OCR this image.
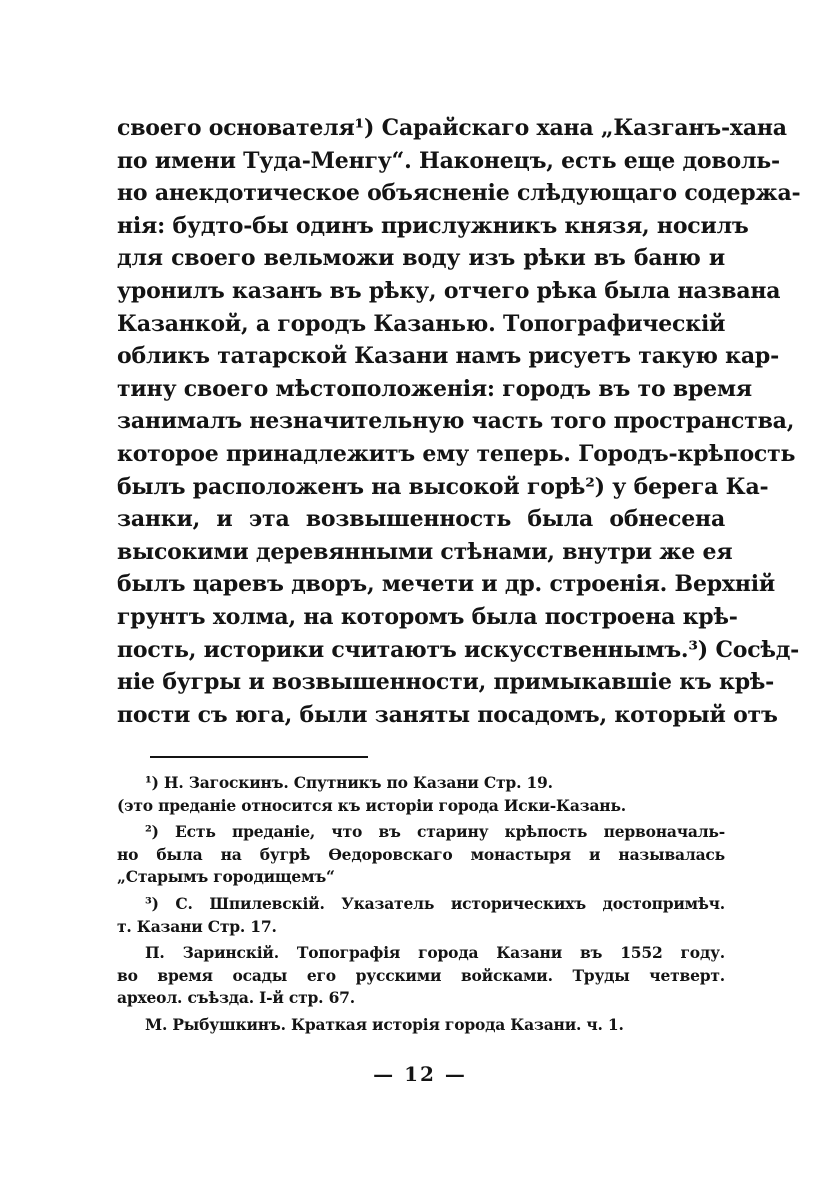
своего основателя¹) Сарайскаго хана „Казганъ-хана
по имени Туда-Менгу“. Наконецъ, есть еще доволь-
но анекдотическое объясненіе слѣдующаго содержа-
нія: будто-бы одинъ прислужникъ князя, носилъ
для своего вельможи воду изъ рѣки въ баню и
уронилъ казанъ въ рѣку, отчего рѣка была названа
Казанкой, а городъ Казанью. Топографическій
обликъ татарской Казани намъ рисуетъ такую кар-
тину своего мѣстоположенія: городъ въ то время
занималъ незначительную часть того пространства,
которое принадлежитъ ему теперь. Городъ-крѣпость
былъ расположенъ на высокой горѣ²) у берега Ка-
занки, и эта возвышенность была обнесена
высокими деревянными стѣнами, внутри же ея
былъ царевъ дворъ, мечети и др. строенія. Верхній
грунтъ холма, на которомъ была построена крѣ-
пость, историки считаютъ искусственнымъ.³) Сосѣд-
ніе бугры и возвышенности, примыкавшіе къ крѣ-
пости съ юга, были заняты посадомъ, который отъ
¹) Н. Загоскинъ. Спутникъ по Казани Стр. 19.
(это преданіе относится къ исторіи города Иски-Казань.
²) Есть преданіе, что въ старину крѣпость первоначаль-
но была на бугрѣ Ѳедоровскаго монастыря и называлась
„Старымъ городищемъ“
³) С. Шпилевскій. Указатель историческихъ достопримѣч.
т. Казани Стр. 17.
П. Заринскій. Топографія города Казани въ 1552 году.
во время осады его русскими войсками. Труды четверт.
археол. съѣзда. I-й стр. 67.
М. Рыбушкинъ. Краткая исторія города Казани. ч. 1.
— 12 —
